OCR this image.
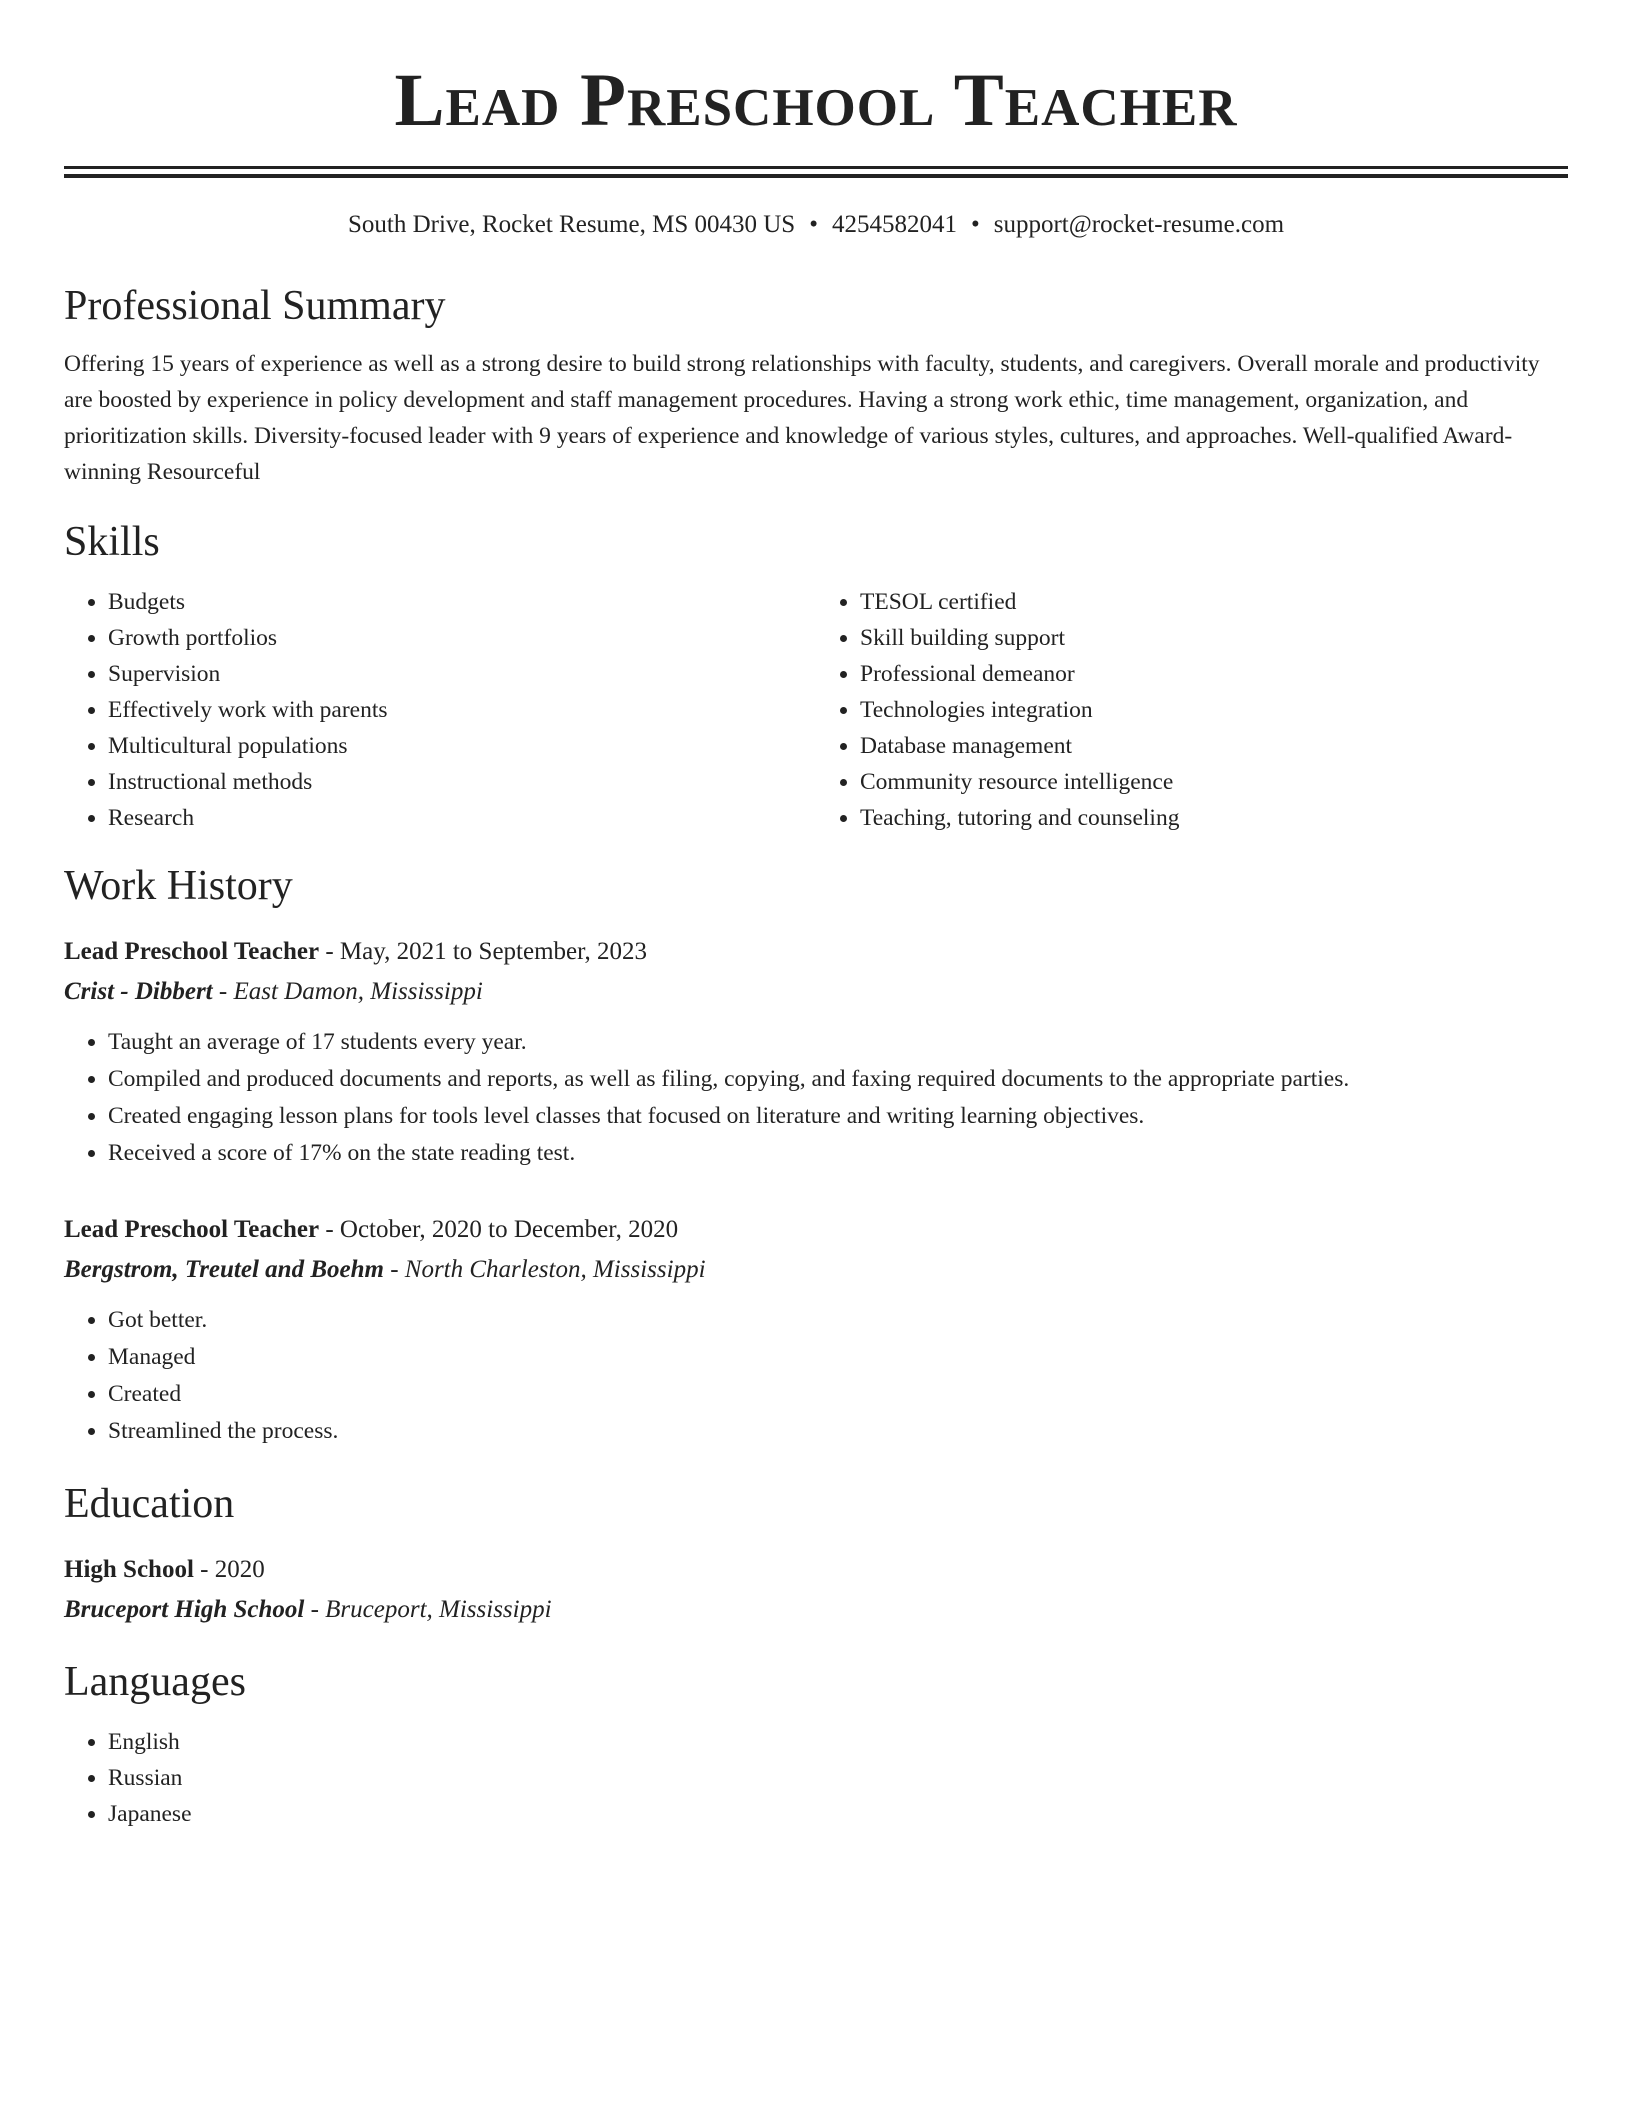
Lead Preschool Teacher
South Drive, Rocket Resume, MS 00430 US • 4254582041 • support@rocket-resume.com
Professional Summary

Offering 15 years of experience as well as a strong desire to build strong relationships with faculty, students, and caregivers. Overall morale and productivity are boosted by experience in policy development and staff management procedures. Having a strong work ethic, time management, organization, and prioritization skills. Diversity-focused leader with 9 years of experience and knowledge of various styles, cultures, and approaches. Well-qualified Award-winning Resourceful

Skills
• Budgets
• Growth portfolios
• Supervision
• Effectively work with parents
• Multicultural populations
• Instructional methods
• Research
• TESOL certified
• Skill building support
• Professional demeanor
• Technologies integration
• Database management
• Community resource intelligence
• Teaching, tutoring and counseling
Work History
Lead Preschool Teacher - May, 2021 to September, 2023
Crist - Dibbert - East Damon, Mississippi
• Taught an average of 17 students every year.
• Compiled and produced documents and reports, as well as filing, copying, and faxing required documents to the appropriate parties.
• Created engaging lesson plans for tools level classes that focused on literature and writing learning objectives.
• Received a score of 17% on the state reading test.
Lead Preschool Teacher - October, 2020 to December, 2020
Bergstrom, Treutel and Boehm - North Charleston, Mississippi
• Got better.
• Managed
• Created
• Streamlined the process.
Education
High School - 2020
Bruceport High School - Bruceport, Mississippi
Languages
• English
• Russian
• Japanese
